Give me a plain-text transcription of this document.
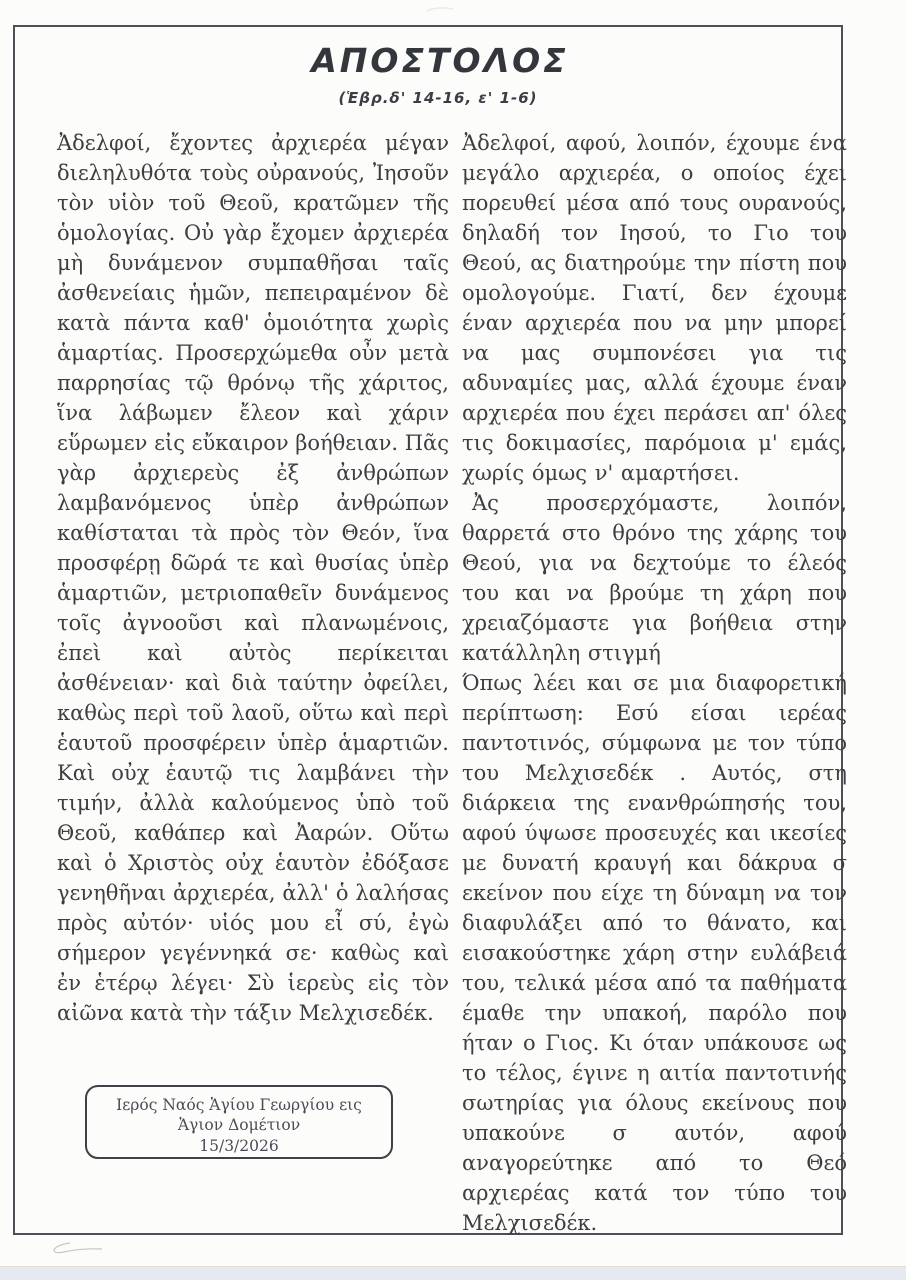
ΑΠΟΣΤΟΛΟΣ
(Ἑβρ.δ' 14-16, ε' 1-6)

Ἀδελφοί, ἔχοντες ἀρχιερέα μέγαν διεληλυθότα τοὺς οὐρανούς, Ἰησοῦν τὸν υἱὸν τοῦ Θεοῦ, κρατῶμεν τῆς ὁμολογίας. Οὐ γὰρ ἔχομεν ἀρχιερέα μὴ δυνάμενον συμπαθῆσαι ταῖς ἀσθενείαις ἡμῶν, πεπειραμένον δὲ κατὰ πάντα καθ' ὁμοιότητα χωρὶς ἁμαρτίας. Προσερχώμεθα οὖν μετὰ παρρησίας τῷ θρόνῳ τῆς χάριτος, ἵνα λάβωμεν ἔλεον καὶ χάριν εὕρωμεν εἰς εὔκαιρον βοήθειαν. Πᾶς γὰρ ἀρχιερεὺς ἐξ ἀνθρώπων λαμβανόμενος ὑπὲρ ἀνθρώπων καθίσταται τὰ πρὸς τὸν Θεόν, ἵνα προσφέρῃ δῶρά τε καὶ θυσίας ὑπὲρ ἁμαρτιῶν, μετριοπαθεῖν δυνάμενος τοῖς ἀγνοοῦσι καὶ πλανωμένοις, ἐπεὶ καὶ αὐτὸς περίκειται ἀσθένειαν· καὶ διὰ ταύτην ὀφείλει, καθὼς περὶ τοῦ λαοῦ, οὕτω καὶ περὶ ἑαυτοῦ προσφέρειν ὑπὲρ ἁμαρτιῶν. Καὶ οὐχ ἑαυτῷ τις λαμβάνει τὴν τιμήν, ἀλλὰ καλούμενος ὑπὸ τοῦ Θεοῦ, καθάπερ καὶ Ἀαρών. Οὕτω καὶ ὁ Χριστὸς οὐχ ἑαυτὸν ἐδόξασε γενηθῆναι ἀρχιερέα, ἀλλ' ὁ λαλήσας πρὸς αὐτόν· υἱός μου εἶ σύ, ἐγὼ σήμερον γεγέννηκά σε· καθὼς καὶ ἐν ἑτέρῳ λέγει· Σὺ ἱερεὺς εἰς τὸν αἰῶνα κατὰ τὴν τάξιν Μελχισεδέκ.

Ἀδελφοί, αφού, λοιπόν, έχουμε ένα μεγάλο αρχιερέα, ο οποίος έχει πορευθεί μέσα από τους ουρανούς, δηλαδή τον Ιησού, το Γιο του Θεού, ας διατηρούμε την πίστη που ομολογούμε. Γιατί, δεν έχουμε έναν αρχιερέα που να μην μπορεί να μας συμπονέσει για τις αδυναμίες μας, αλλά έχουμε έναν αρχιερέα που έχει περάσει απ' όλες τις δοκιμασίες, παρόμοια μ' εμάς, χωρίς όμως ν' αμαρτήσει.

Ἀς προσερχόμαστε, λοιπόν, θαρρετά στο θρόνο της χάρης του Θεού, για να δεχτούμε το έλεός του και να βρούμε τη χάρη που χρειαζόμαστε για βοήθεια στην κατάλληλη στιγμή

Όπως λέει και σε μια διαφορετική περίπτωση: Εσύ είσαι ιερέας παντοτινός, σύμφωνα με τον τύπο του Μελχισεδέκ . Αυτός, στη διάρκεια της ενανθρώπησής του, αφού ύψωσε προσευχές και ικεσίες με δυνατή κραυγή και δάκρυα σ εκείνον που είχε τη δύναμη να τον διαφυλάξει από το θάνατο, και εισακούστηκε χάρη στην ευλάβειά του, τελικά μέσα από τα παθήματα έμαθε την υπακοή, παρόλο που ήταν ο Γιος. Κι όταν υπάκουσε ως το τέλος, έγινε η αιτία παντοτινής σωτηρίας για όλους εκείνους που υπακούνε σ αυτόν, αφού αναγορεύτηκε από το Θεό αρχιερέας κατά τον τύπο του Μελχισεδέκ.

Ιερός Ναός Ἁγίου Γεωργίου εις Ἁγιον Δομέτιον
15/3/2026
